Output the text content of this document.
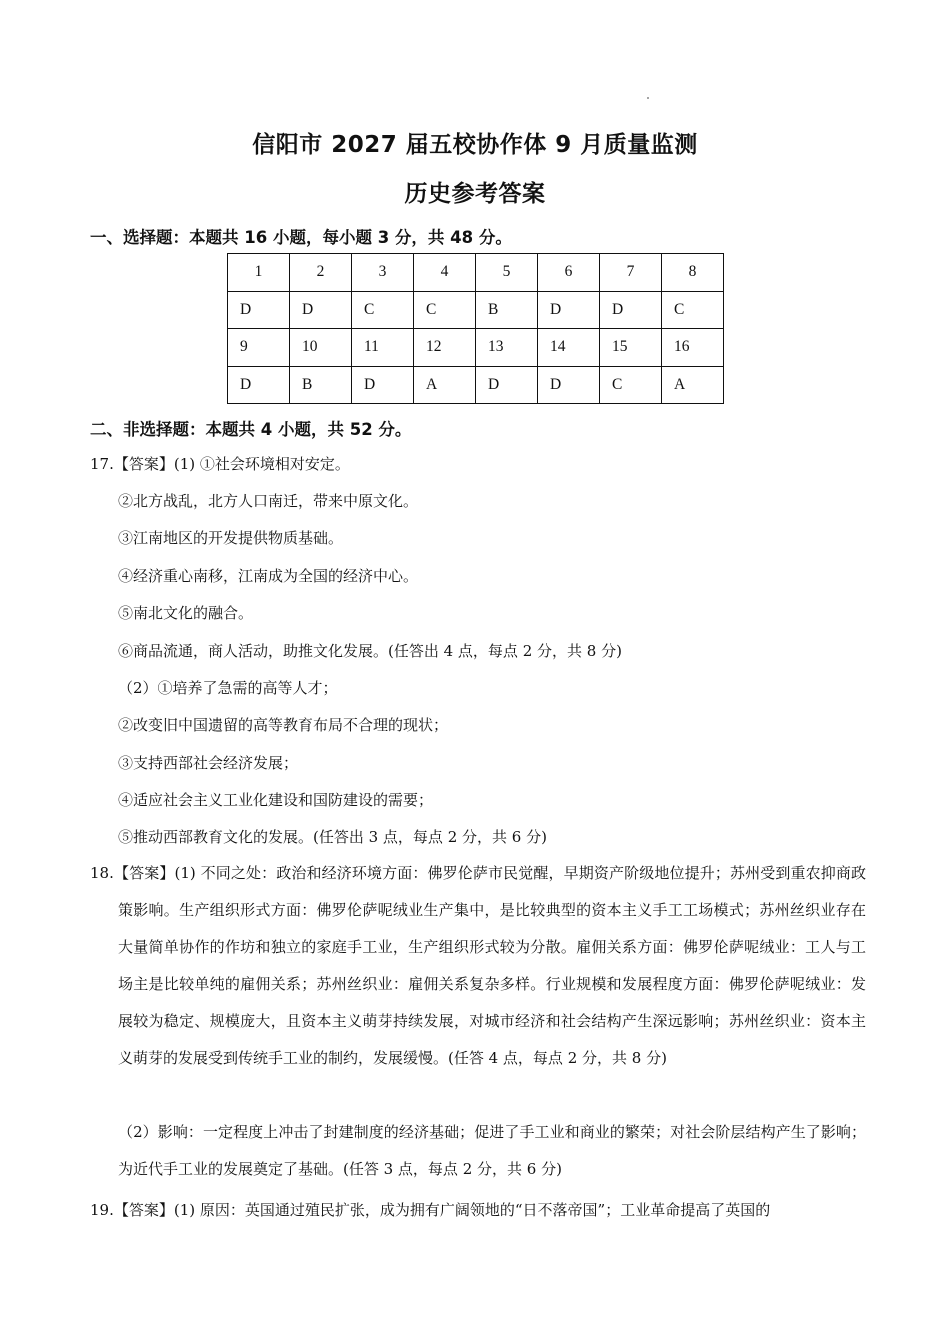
信阳市 2027 届五校协作体 9 月质量监测
历史参考答案
一、选择题：本题共 16 小题，每小题 3 分，共 48 分。
1	2	3	4	5	6	7	8
D	D	C	C	B	D	D	C
9	10	11	12	13	14	15	16
D	B	D	A	D	D	C	A
二、非选择题：本题共 4 小题，共 52 分。
17.【答案】(1) ①社会环境相对安定。
②北方战乱，北方人口南迁，带来中原文化。
③江南地区的开发提供物质基础。
④经济重心南移，江南成为全国的经济中心。
⑤南北文化的融合。
⑥商品流通，商人活动，助推文化发展。(任答出 4 点，每点 2 分，共 8 分)
（2）①培养了急需的高等人才；
②改变旧中国遗留的高等教育布局不合理的现状；
③支持西部社会经济发展；
④适应社会主义工业化建设和国防建设的需要；
⑤推动西部教育文化的发展。(任答出 3 点，每点 2 分，共 6 分)
18.【答案】(1) 不同之处：政治和经济环境方面：佛罗伦萨市民觉醒，早期资产阶级地位提升；苏州受到重农抑商政策影响。生产组织形式方面：佛罗伦萨呢绒业生产集中，是比较典型的资本主义手工工场模式；苏州丝织业存在大量简单协作的作坊和独立的家庭手工业，生产组织形式较为分散。雇佣关系方面：佛罗伦萨呢绒业：工人与工场主是比较单纯的雇佣关系；苏州丝织业：雇佣关系复杂多样。行业规模和发展程度方面：佛罗伦萨呢绒业：发展较为稳定、规模庞大，且资本主义萌芽持续发展，对城市经济和社会结构产生深远影响；苏州丝织业：资本主义萌芽的发展受到传统手工业的制约，发展缓慢。(任答 4 点，每点 2 分，共 8 分)
（2）影响：一定程度上冲击了封建制度的经济基础；促进了手工业和商业的繁荣；对社会阶层结构产生了影响；为近代手工业的发展奠定了基础。(任答 3 点，每点 2 分，共 6 分)
19.【答案】(1) 原因：英国通过殖民扩张，成为拥有广阔领地的“日不落帝国”；工业革命提高了英国的
